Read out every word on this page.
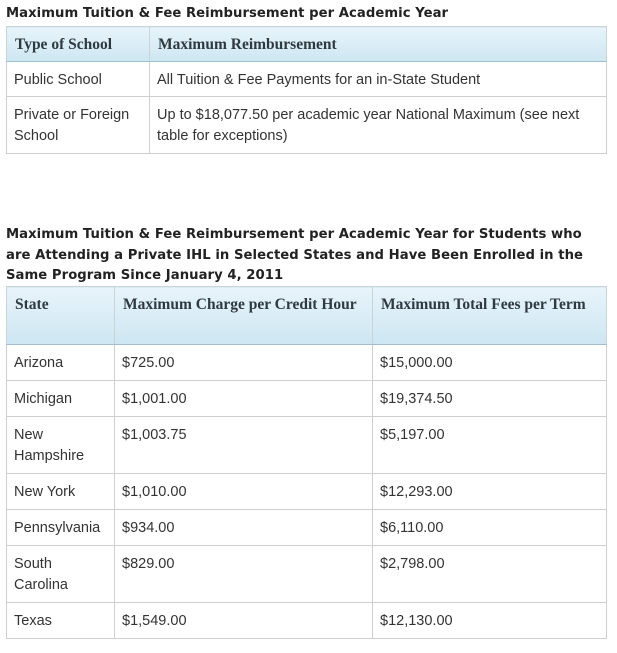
Maximum Tuition & Fee Reimbursement per Academic Year
Type of School	Maximum Reimbursement
Public School	All Tuition & Fee Payments for an in-State Student
Private or Foreign School	Up to $18,077.50 per academic year National Maximum (see next table for exceptions)
Maximum Tuition & Fee Reimbursement per Academic Year for Students who are Attending a Private IHL in Selected States and Have Been Enrolled in the Same Program Since January 4, 2011
State	Maximum Charge per Credit Hour	Maximum Total Fees per Term
Arizona	$725.00	$15,000.00
Michigan	$1,001.00	$19,374.50
New Hampshire	$1,003.75	$5,197.00
New York	$1,010.00	$12,293.00
Pennsylvania	$934.00	$6,110.00
South Carolina	$829.00	$2,798.00
Texas	$1,549.00	$12,130.00
